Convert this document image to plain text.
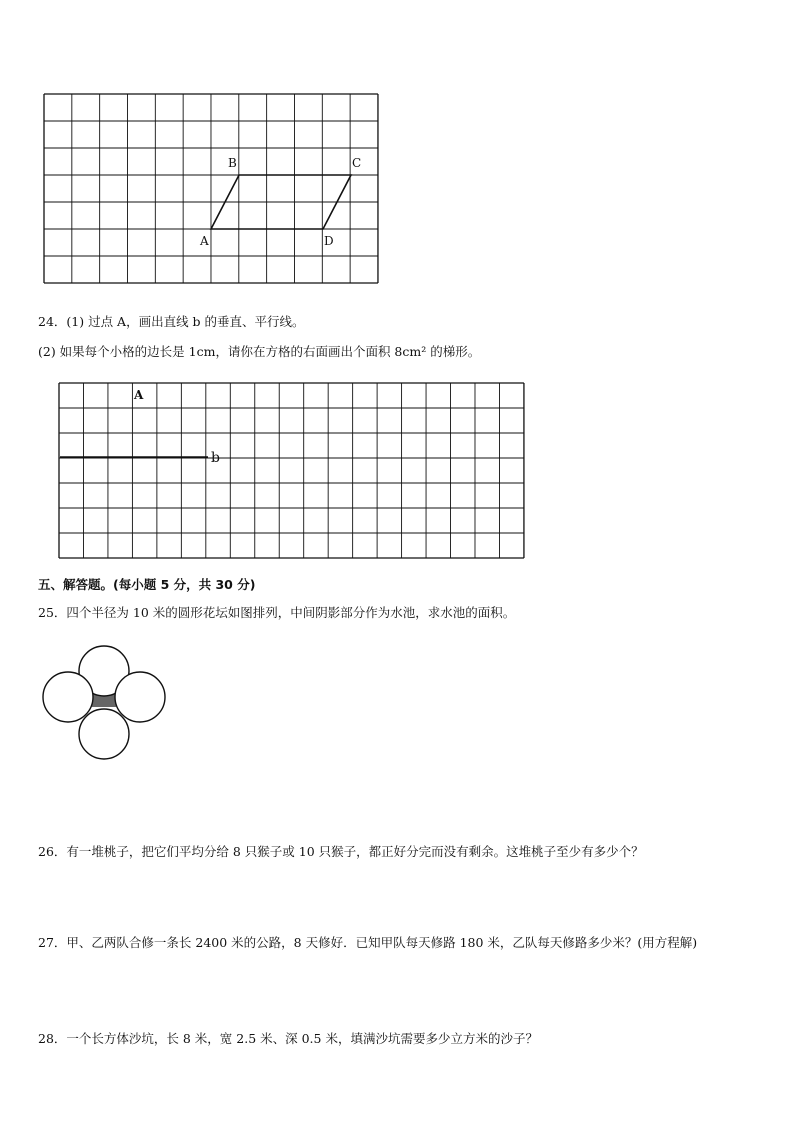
B	C
A	D
A
b
24．(1) 过点 A，画出直线 b 的垂直、平行线。
(2) 如果每个小格的边长是 1cm，请你在方格的右面画出个面积 8cm² 的梯形。
五、解答题。(每小题 5 分，共 30 分)
25．四个半径为 10 米的圆形花坛如图排列，中间阴影部分作为水池，求水池的面积。
26．有一堆桃子，把它们平均分给 8 只猴子或 10 只猴子，都正好分完而没有剩余。这堆桃子至少有多少个？
27．甲、乙两队合修一条长 2400 米的公路，8 天修好．已知甲队每天修路 180 米，乙队每天修路多少米？(用方程解)
28．一个长方体沙坑，长 8 米，宽 2.5 米、深 0.5 米，填满沙坑需要多少立方米的沙子？
